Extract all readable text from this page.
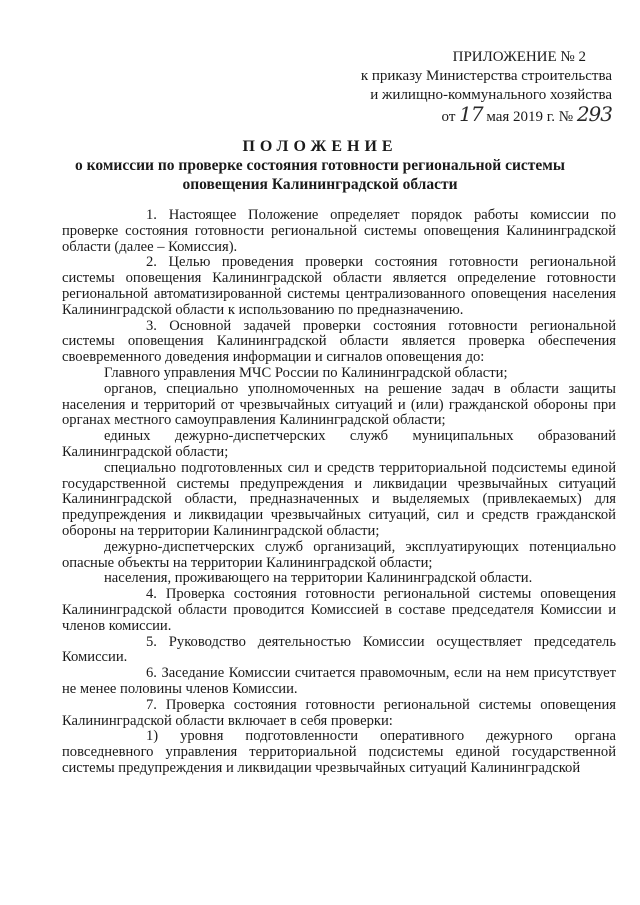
ПРИЛОЖЕНИЕ № 2
к приказу Министерства строительства
и жилищно-коммунального хозяйства
от 17 мая 2019 г. № 293
ПОЛОЖЕНИЕ
о комиссии по проверке состояния готовности региональной системы
оповещения Калининградской области

1. Настоящее Положение определяет порядок работы комиссии по проверке состояния готовности региональной системы оповещения Калининградской области (далее – Комиссия).

2. Целью проведения проверки состояния готовности региональной системы оповещения Калининградской области является определение готовности региональной автоматизированной системы централизованного оповещения населения Калининградской области к использованию по предназначению.

3. Основной задачей проверки состояния готовности региональной системы оповещения Калининградской области является проверка обеспечения своевременного доведения информации и сигналов оповещения до:

Главного управления МЧС России по Калининградской области;

органов, специально уполномоченных на решение задач в области защиты населения и территорий от чрезвычайных ситуаций и (или) гражданской обороны при органах местного самоуправления Калининградской области;

единых дежурно-диспетчерских служб муниципальных образований Калининградской области;

специально подготовленных сил и средств территориальной подсистемы единой государственной системы предупреждения и ликвидации чрезвычайных ситуаций Калининградской области, предназначенных и выделяемых (привлекаемых) для предупреждения и ликвидации чрезвычайных ситуаций, сил и средств гражданской обороны на территории Калининградской области;

дежурно-диспетчерских служб организаций, эксплуатирующих потенциально опасные объекты на территории Калининградской области;

населения, проживающего на территории Калининградской области.

4. Проверка состояния готовности региональной системы оповещения Калининградской области проводится Комиссией в составе председателя Комиссии и членов комиссии.

5. Руководство деятельностью Комиссии осуществляет председатель Комиссии.

6. Заседание Комиссии считается правомочным, если на нем присутствует не менее половины членов Комиссии.

7. Проверка состояния готовности региональной системы оповещения Калининградской области включает в себя проверки:

1) уровня подготовленности оперативного дежурного органа повседневного управления территориальной подсистемы единой государственной системы предупреждения и ликвидации чрезвычайных ситуаций Калининградской
